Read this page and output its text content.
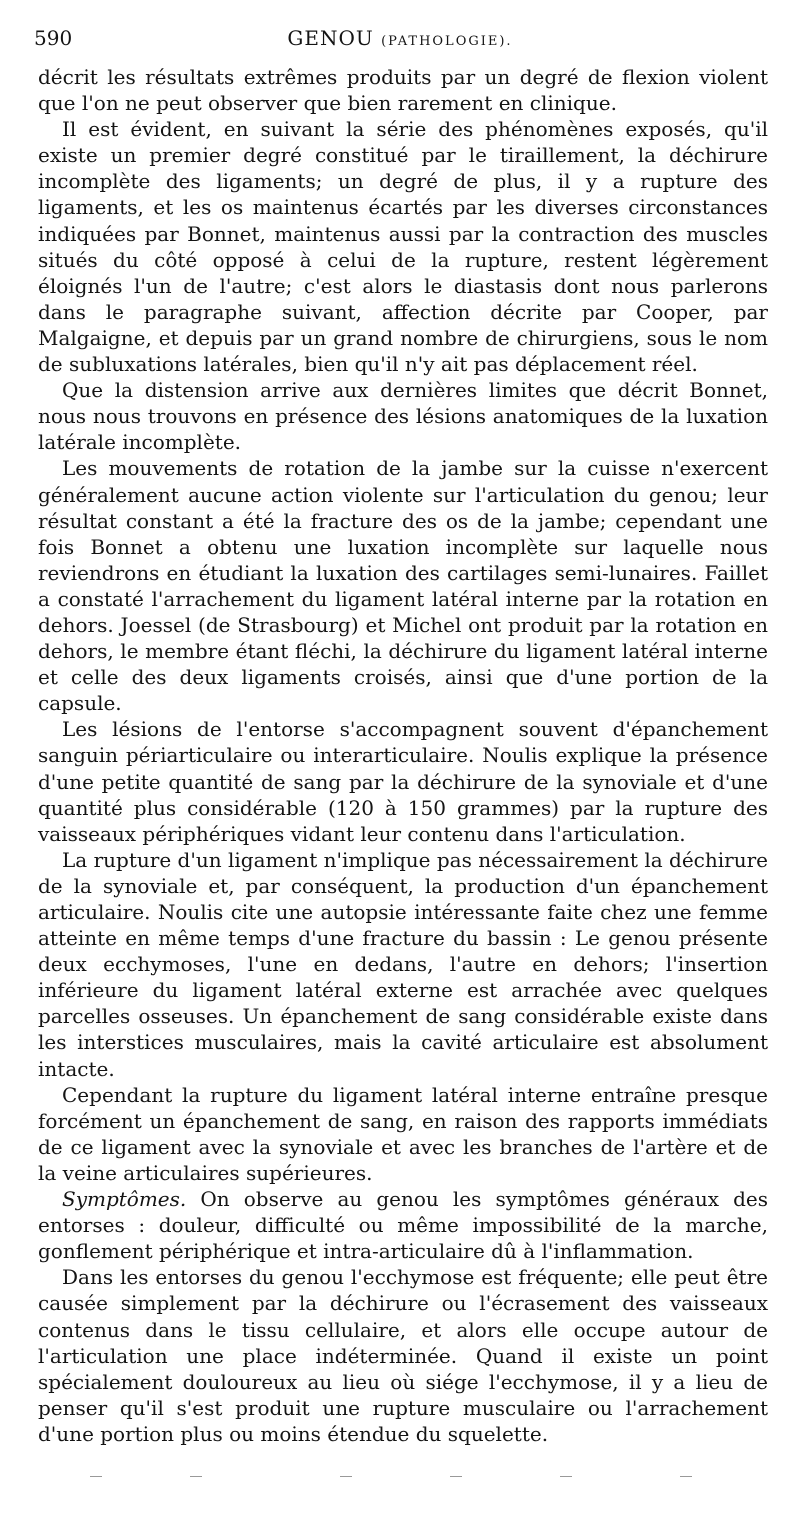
590	GENOU (PATHOLOGIE).

décrit les résultats extrêmes produits par un degré de flexion violent que l'on ne peut observer que bien rarement en clinique.

Il est évident, en suivant la série des phénomènes exposés, qu'il existe un premier degré constitué par le tiraillement, la déchirure incomplète des ligaments; un degré de plus, il y a rupture des ligaments, et les os maintenus écartés par les diverses circonstances indiquées par Bonnet, maintenus aussi par la contraction des muscles situés du côté opposé à celui de la rupture, restent légèrement éloignés l'un de l'autre; c'est alors le diastasis dont nous parlerons dans le paragraphe suivant, affection décrite par Cooper, par Malgaigne, et depuis par un grand nombre de chirurgiens, sous le nom de subluxations latérales, bien qu'il n'y ait pas déplacement réel.

Que la distension arrive aux dernières limites que décrit Bonnet, nous nous trouvons en présence des lésions anatomiques de la luxation latérale incomplète.

Les mouvements de rotation de la jambe sur la cuisse n'exercent généralement aucune action violente sur l'articulation du genou; leur résultat constant a été la fracture des os de la jambe; cependant une fois Bonnet a obtenu une luxation incomplète sur laquelle nous reviendrons en étudiant la luxation des cartilages semi-lunaires. Faillet a constaté l'arrachement du ligament latéral interne par la rotation en dehors. Joessel (de Strasbourg) et Michel ont produit par la rotation en dehors, le membre étant fléchi, la déchirure du ligament latéral interne et celle des deux ligaments croisés, ainsi que d'une portion de la capsule.

Les lésions de l'entorse s'accompagnent souvent d'épanchement sanguin périarticulaire ou interarticulaire. Noulis explique la présence d'une petite quantité de sang par la déchirure de la synoviale et d'une quantité plus considérable (120 à 150 grammes) par la rupture des vaisseaux périphériques vidant leur contenu dans l'articulation.

La rupture d'un ligament n'implique pas nécessairement la déchirure de la synoviale et, par conséquent, la production d'un épanchement articulaire. Noulis cite une autopsie intéressante faite chez une femme atteinte en même temps d'une fracture du bassin : Le genou présente deux ecchymoses, l'une en dedans, l'autre en dehors; l'insertion inférieure du ligament latéral externe est arrachée avec quelques parcelles osseuses. Un épanchement de sang considérable existe dans les interstices musculaires, mais la cavité articulaire est absolument intacte.

Cependant la rupture du ligament latéral interne entraîne presque forcément un épanchement de sang, en raison des rapports immédiats de ce ligament avec la synoviale et avec les branches de l'artère et de la veine articulaires supérieures.

Symptômes. On observe au genou les symptômes généraux des entorses : douleur, difficulté ou même impossibilité de la marche, gonflement périphérique et intra-articulaire dû à l'inflammation.

Dans les entorses du genou l'ecchymose est fréquente; elle peut être causée simplement par la déchirure ou l'écrasement des vaisseaux contenus dans le tissu cellulaire, et alors elle occupe autour de l'articulation une place indéterminée. Quand il existe un point spécialement douloureux au lieu où siége l'ecchymose, il y a lieu de penser qu'il s'est produit une rupture musculaire ou l'arrachement d'une portion plus ou moins étendue du squelette.
